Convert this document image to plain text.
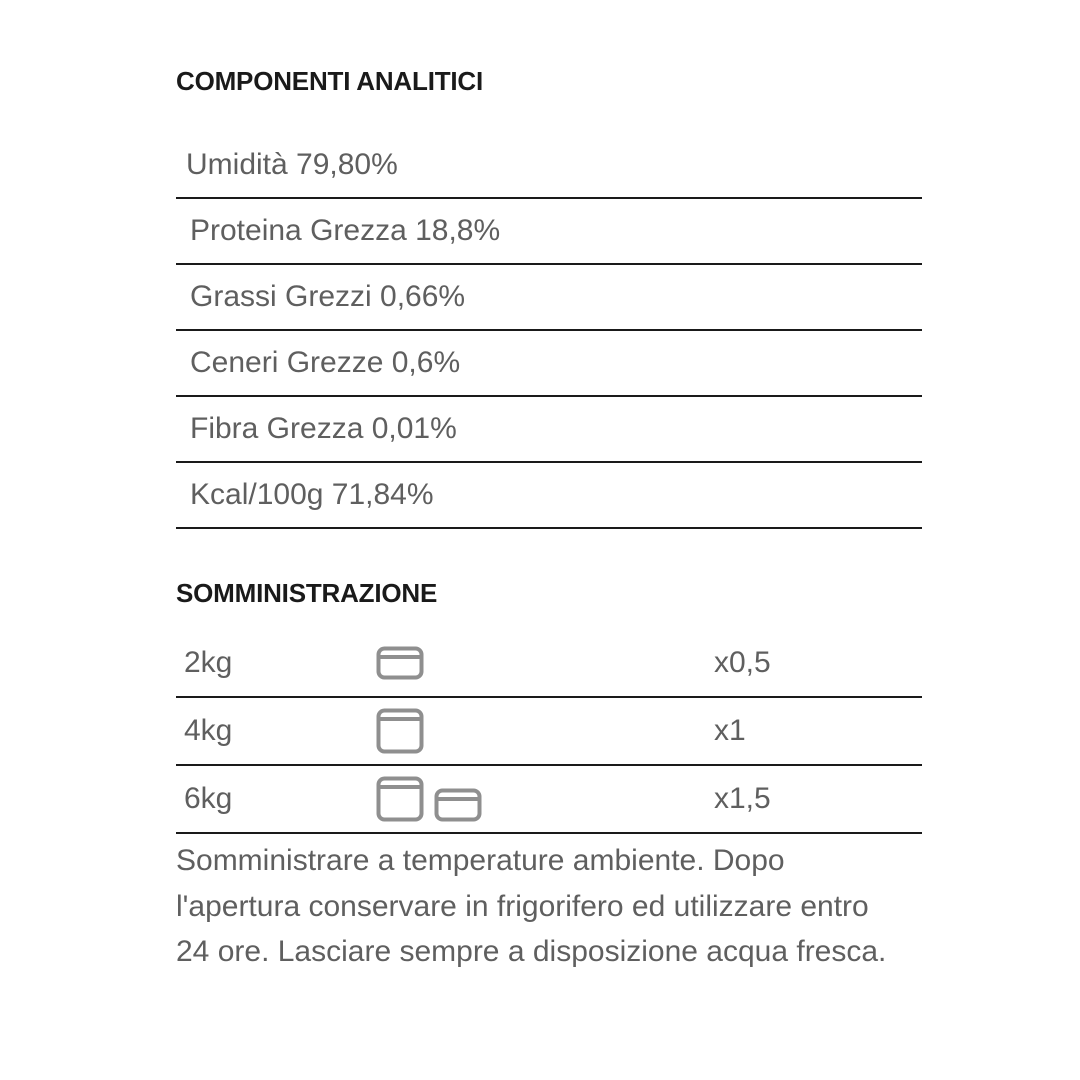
COMPONENTI ANALITICI
Umidità 79,80%
Proteina Grezza 18,8%
Grassi Grezzi 0,66%
Ceneri Grezze 0,6%
Fibra Grezza 0,01%
Kcal/100g 71,84%
SOMMINISTRAZIONE
2kg	x0,5
4kg	x1
6kg	x1,5
Somministrare a temperature ambiente. Dopo l'apertura conservare in frigorifero ed utilizzare entro 24 ore. Lasciare sempre a disposizione acqua fresca.
